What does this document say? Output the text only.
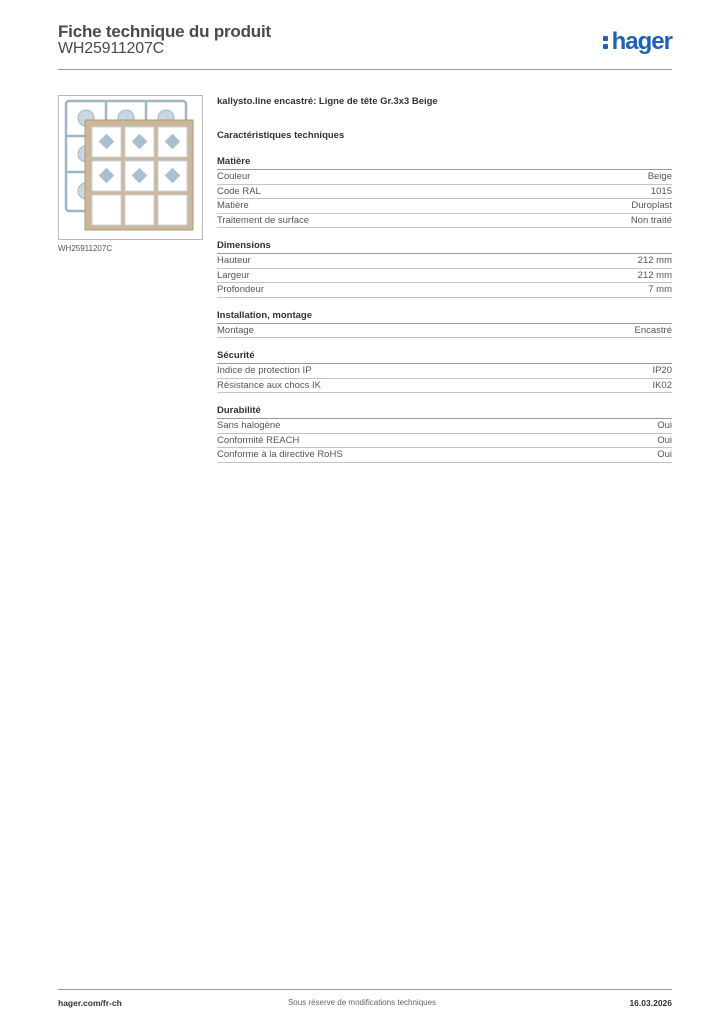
Fiche technique du produit
WH25911207C	hager
WH25911207C
kallysto.line encastré: Ligne de tête Gr.3x3 Beige
Caractéristiques techniques
Matière
Couleur	Beige
Code RAL	1015
Matière	Duroplast
Traitement de surface	Non traité
Dimensions
Hauteur	212 mm
Largeur	212 mm
Profondeur	7 mm
Installation, montage
Montage	Encastré
Sécurité
Indice de protection IP	IP20
Résistance aux chocs IK	IK02
Durabilité
Sans halogène	Oui
Conformité REACH	Oui
Conforme à la directive RoHS	Oui
hager.com/fr-ch	Sous réserve de modifications techniques	16.03.2026
